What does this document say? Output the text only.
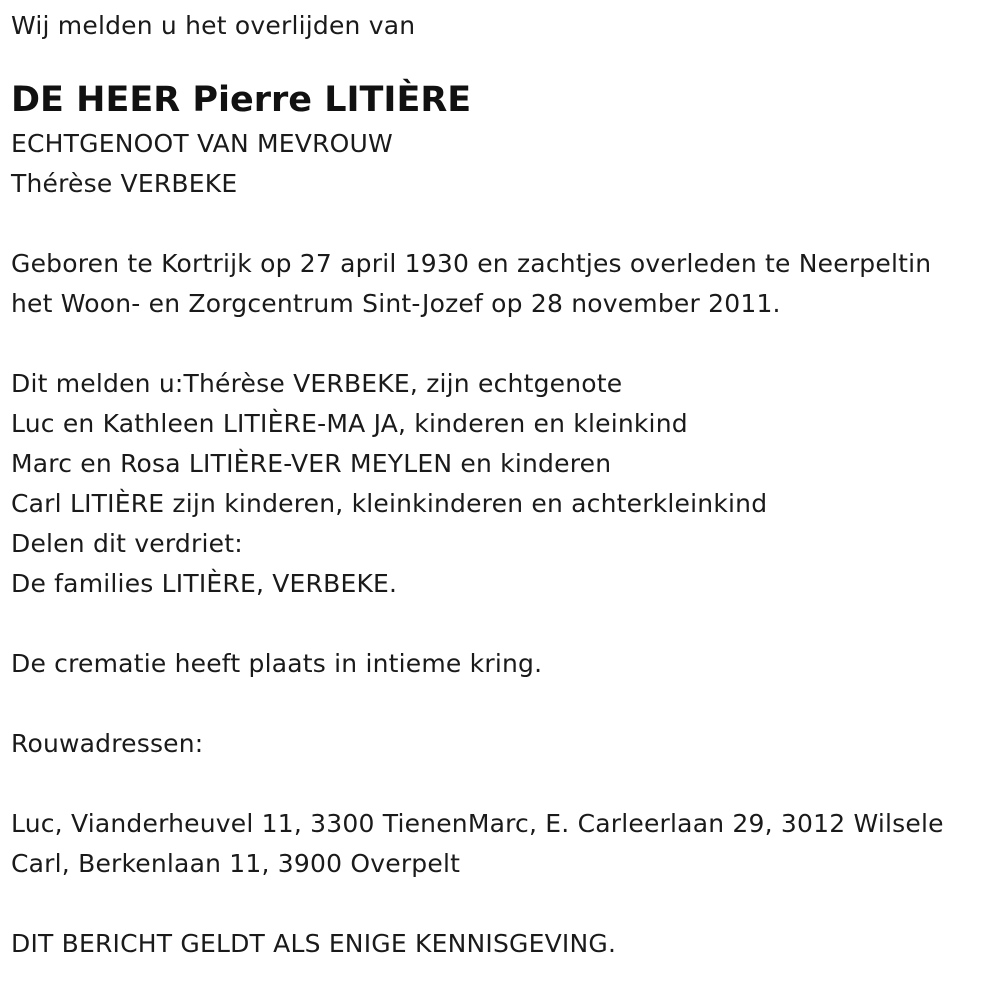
Wij melden u het overlijden van
DE HEER Pierre LITIÈRE
ECHTGENOOT VAN MEVROUW
Thérèse VERBEKE
Geboren te Kortrijk op 27 april 1930 en zachtjes overleden te Neerpeltin
het Woon- en Zorgcentrum Sint-Jozef op 28 november 2011.
Dit melden u:Thérèse VERBEKE, zijn echtgenote
Luc en Kathleen LITIÈRE-MA JA, kinderen en kleinkind
Marc en Rosa LITIÈRE-VER MEYLEN en kinderen
Carl LITIÈRE zijn kinderen, kleinkinderen en achterkleinkind
Delen dit verdriet:
De families LITIÈRE, VERBEKE.
De crematie heeft plaats in intieme kring.
Rouwadressen:
Luc, Vianderheuvel 11, 3300 TienenMarc, E. Carleerlaan 29, 3012 Wilsele
Carl, Berkenlaan 11, 3900 Overpelt
DIT BERICHT GELDT ALS ENIGE KENNISGEVING.
